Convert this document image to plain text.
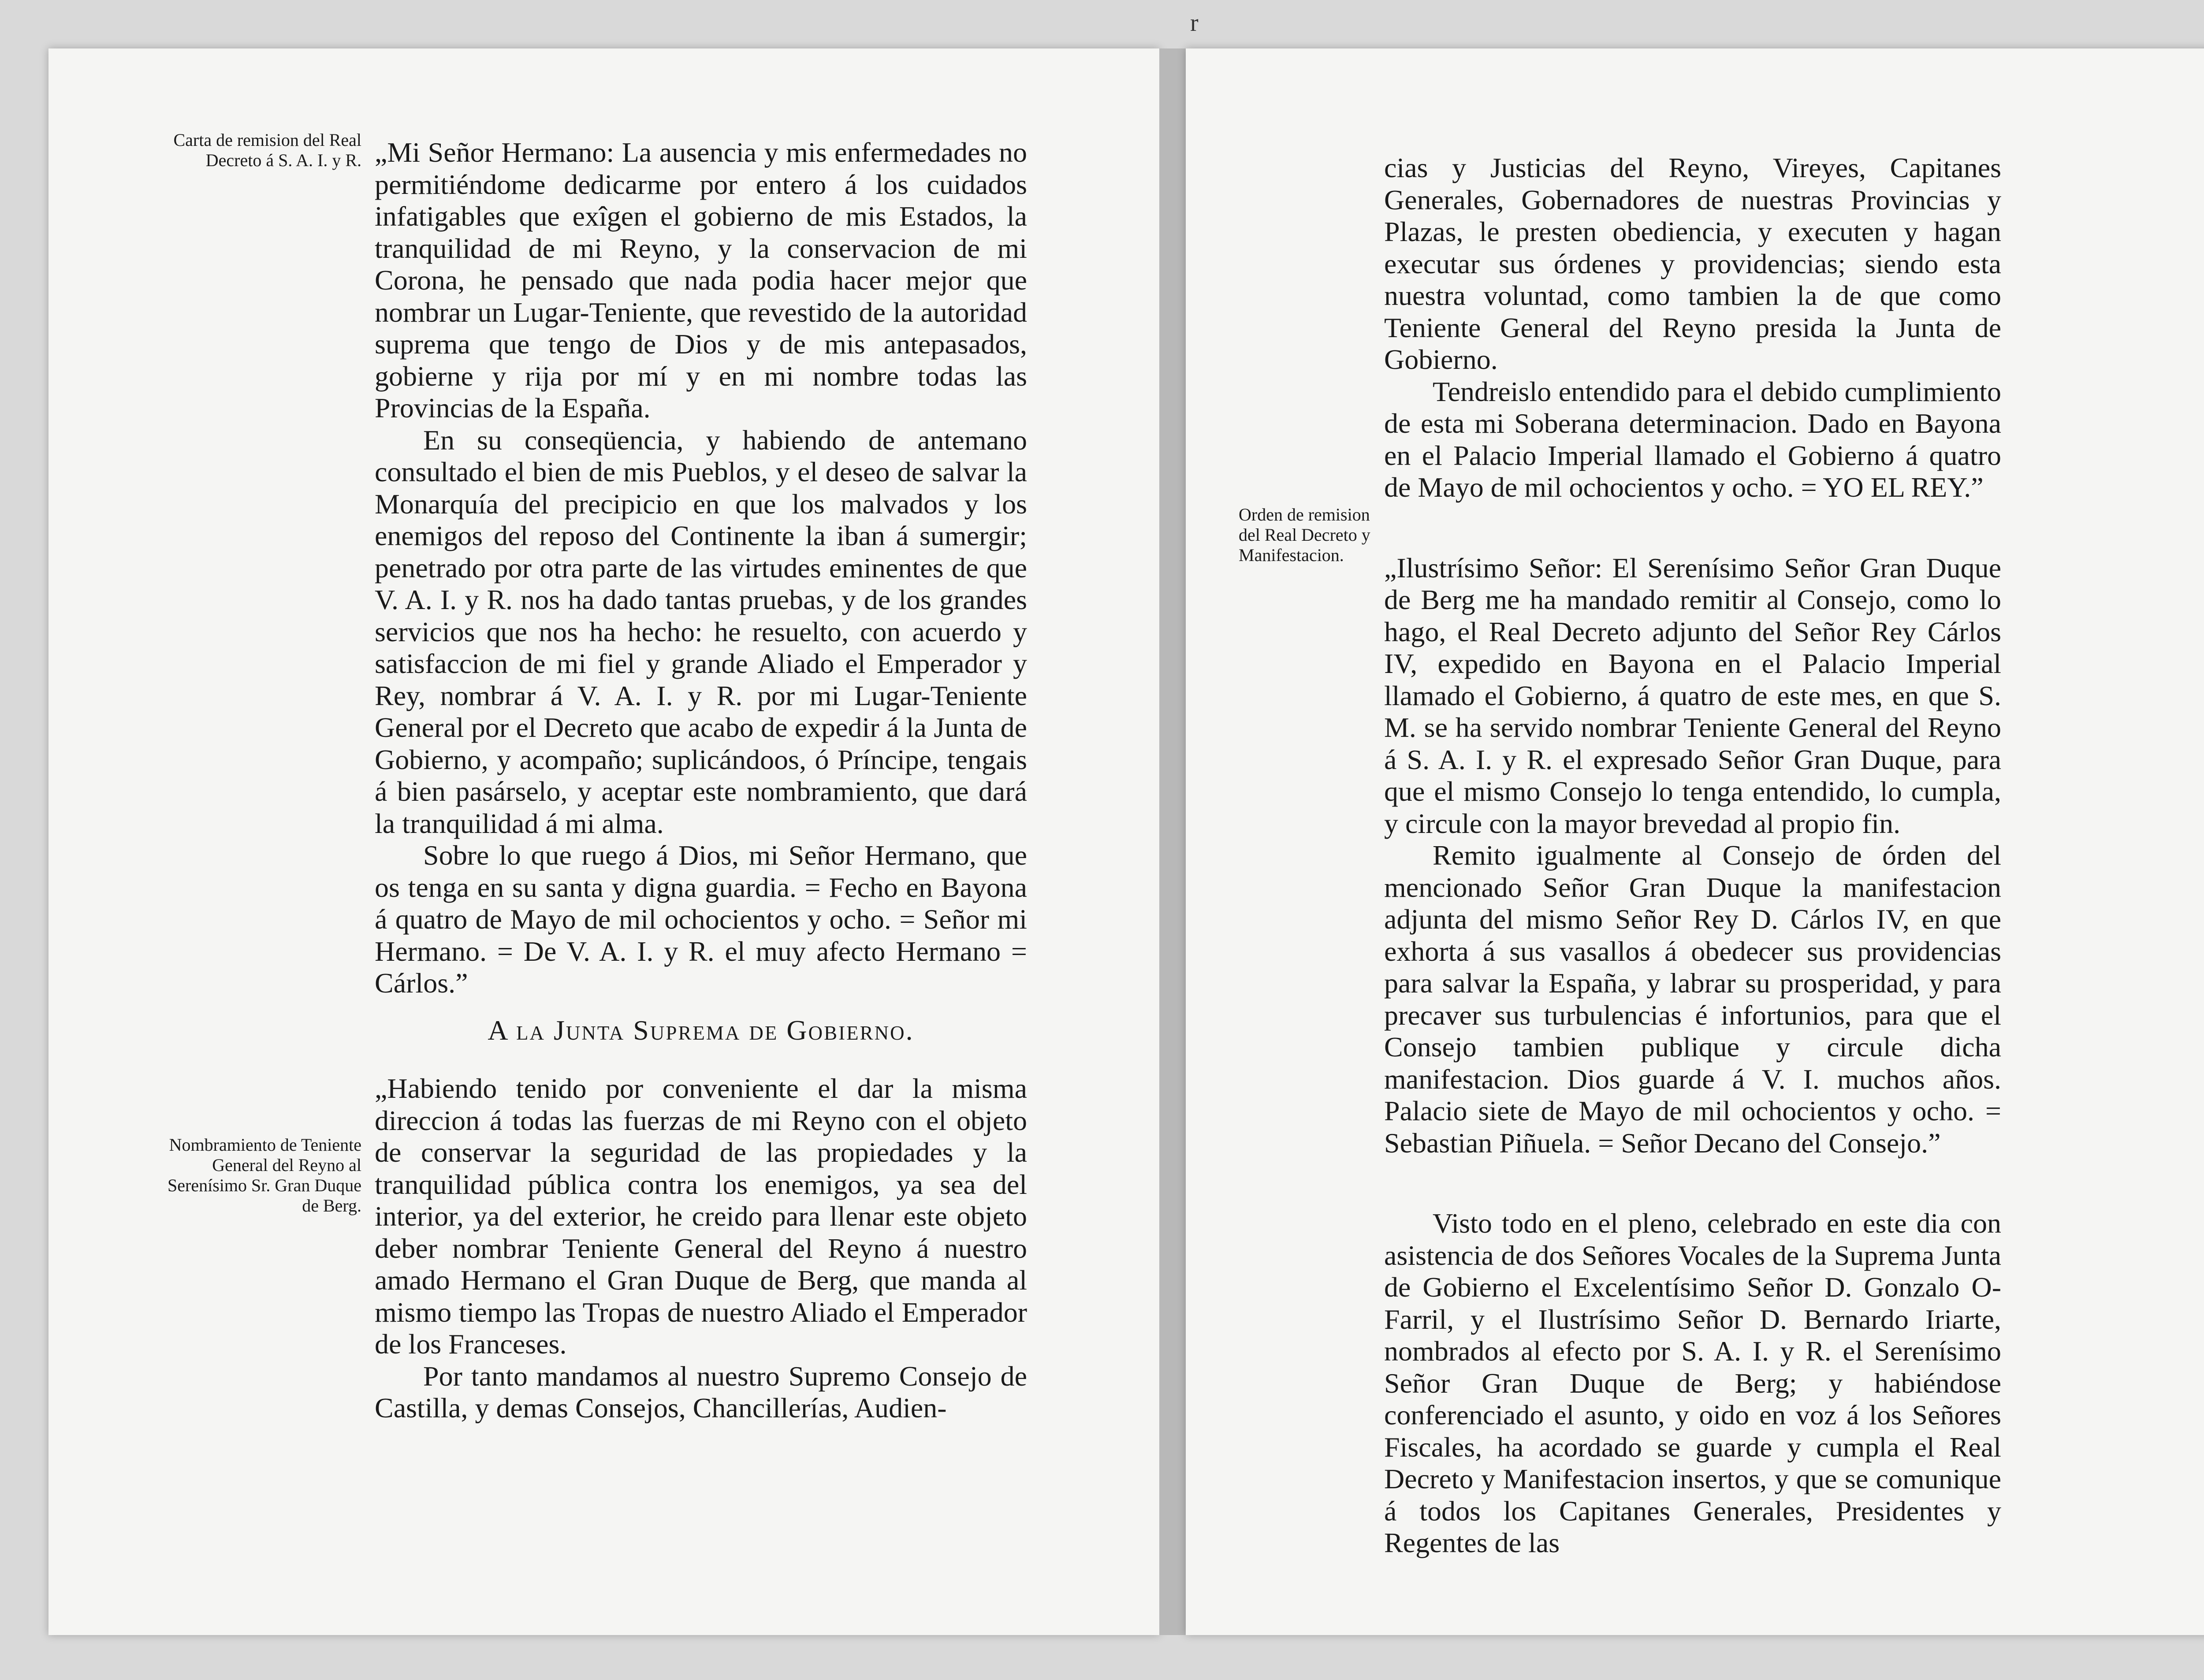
Carta de remision del Real Decreto á S. A. I. y R.
Nombramiento de Teniente General del Reyno al Serenísimo Sr. Gran Duque de Berg.

„Mi Señor Hermano: La ausencia y mis enfermedades no permitiéndome dedicarme por entero á los cuidados infatigables que exîgen el gobierno de mis Estados, la tranquilidad de mi Reyno, y la conservacion de mi Corona, he pensado que nada podia hacer mejor que nombrar un Lugar-Teniente, que revestido de la autoridad suprema que tengo de Dios y de mis antepasados, gobierne y rija por mí y en mi nombre todas las Provincias de la España.

En su conseqüencia, y habiendo de antemano consultado el bien de mis Pueblos, y el deseo de salvar la Monarquía del precipicio en que los malvados y los enemigos del reposo del Continente la iban á sumergir; penetrado por otra parte de las virtudes eminentes de que V. A. I. y R. nos ha dado tantas pruebas, y de los grandes servicios que nos ha hecho: he resuelto, con acuerdo y satisfaccion de mi fiel y grande Aliado el Emperador y Rey, nombrar á V. A. I. y R. por mi Lugar-Teniente General por el Decreto que acabo de expedir á la Junta de Gobierno, y acompaño; suplicándoos, ó Príncipe, tengais á bien pasárselo, y aceptar este nombramiento, que dará la tranquilidad á mi alma.

Sobre lo que ruego á Dios, mi Señor Hermano, que os tenga en su santa y digna guardia. = Fecho en Bayona á quatro de Mayo de mil ochocientos y ocho. = Señor mi Hermano. = De V. A. I. y R. el muy afecto Hermano = Cárlos.”

A la Junta Suprema de Gobierno.

„Habiendo tenido por conveniente el dar la misma direccion á todas las fuerzas de mi Reyno con el objeto de conservar la seguridad de las propiedades y la tranquilidad pública contra los enemigos, ya sea del interior, ya del exterior, he creido para llenar este objeto deber nombrar Teniente General del Reyno á nuestro amado Hermano el Gran Duque de Berg, que manda al mismo tiempo las Tropas de nuestro Aliado el Emperador de los Franceses.

Por tanto mandamos al nuestro Supremo Consejo de Castilla, y demas Consejos, Chancillerías, Audien-

Orden de remision del Real Decreto y Manifestacion.

cias y Justicias del Reyno, Vireyes, Capitanes Generales, Gobernadores de nuestras Provincias y Plazas, le presten obediencia, y executen y hagan executar sus órdenes y providencias; siendo esta nuestra voluntad, como tambien la de que como Teniente General del Reyno presida la Junta de Gobierno.

Tendreislo entendido para el debido cumplimiento de esta mi Soberana determinacion. Dado en Bayona en el Palacio Imperial llamado el Gobierno á quatro de Mayo de mil ochocientos y ocho. = YO EL REY.”

„Ilustrísimo Señor: El Serenísimo Señor Gran Duque de Berg me ha mandado remitir al Consejo, como lo hago, el Real Decreto adjunto del Señor Rey Cárlos IV, expedido en Bayona en el Palacio Imperial llamado el Gobierno, á quatro de este mes, en que S. M. se ha servido nombrar Teniente General del Reyno á S. A. I. y R. el expresado Señor Gran Duque, para que el mismo Consejo lo tenga entendido, lo cumpla, y circule con la mayor brevedad al propio fin.

Remito igualmente al Consejo de órden del mencionado Señor Gran Duque la manifestacion adjunta del mismo Señor Rey D. Cárlos IV, en que exhorta á sus vasallos á obedecer sus providencias para salvar la España, y labrar su prosperidad, y para precaver sus turbulencias é infortunios, para que el Consejo tambien publique y circule dicha manifestacion. Dios guarde á V. I. muchos años. Palacio siete de Mayo de mil ochocientos y ocho. = Sebastian Piñuela. = Señor Decano del Consejo.”

Visto todo en el pleno, celebrado en este dia con asistencia de dos Señores Vocales de la Suprema Junta de Gobierno el Excelentísimo Señor D. Gonzalo O-Farril, y el Ilustrísimo Señor D. Bernardo Iriarte, nombrados al efecto por S. A. I. y R. el Serenísimo Señor Gran Duque de Berg; y habiéndose conferenciado el asunto, y oido en voz á los Señores Fiscales, ha acordado se guarde y cumpla el Real Decreto y Manifestacion insertos, y que se comunique á todos los Capitanes Generales, Presidentes y Regentes de las

r
